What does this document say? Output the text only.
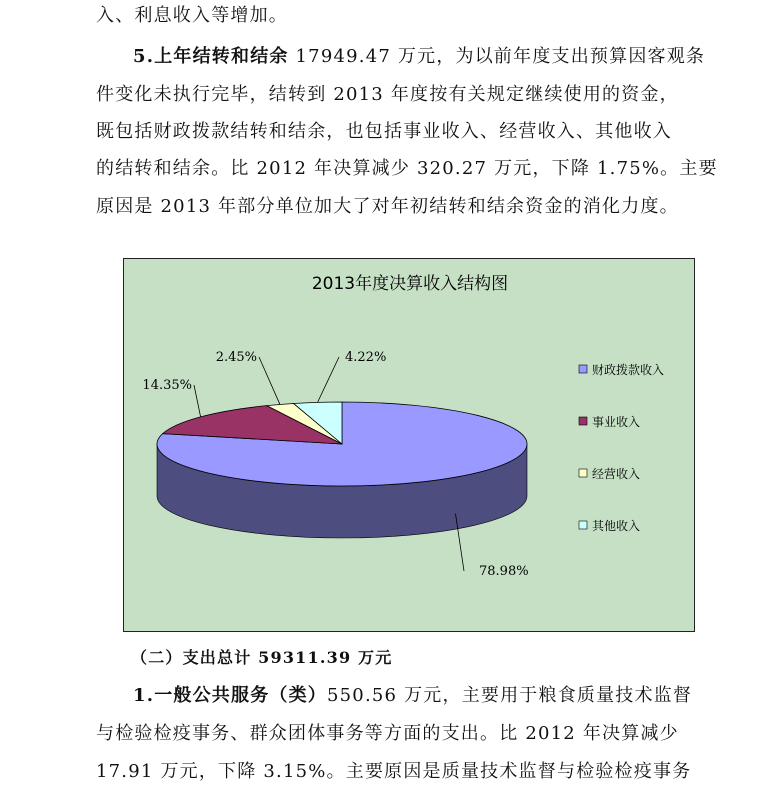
入、利息收入等增加。
5.上年结转和结余 17949.47 万元，为以前年度支出预算因客观条
件变化未执行完毕，结转到 2013 年度按有关规定继续使用的资金，
既包括财政拨款结转和结余，也包括事业收入、经营收入、其他收入
的结转和结余。比 2012 年决算减少 320.27 万元，下降 1.75%。主要
原因是 2013 年部分单位加大了对年初结转和结余资金的消化力度。
2013年度决算收入结构图
78.98%
14.35%
2.45%	4.22%
财政拨款收入
事业收入
经营收入
其他收入
（二）支出总计 59311.39 万元
1.一般公共服务（类）550.56 万元，主要用于粮食质量技术监督
与检验检疫事务、群众团体事务等方面的支出。比 2012 年决算减少
17.91 万元，下降 3.15%。主要原因是质量技术监督与检验检疫事务
